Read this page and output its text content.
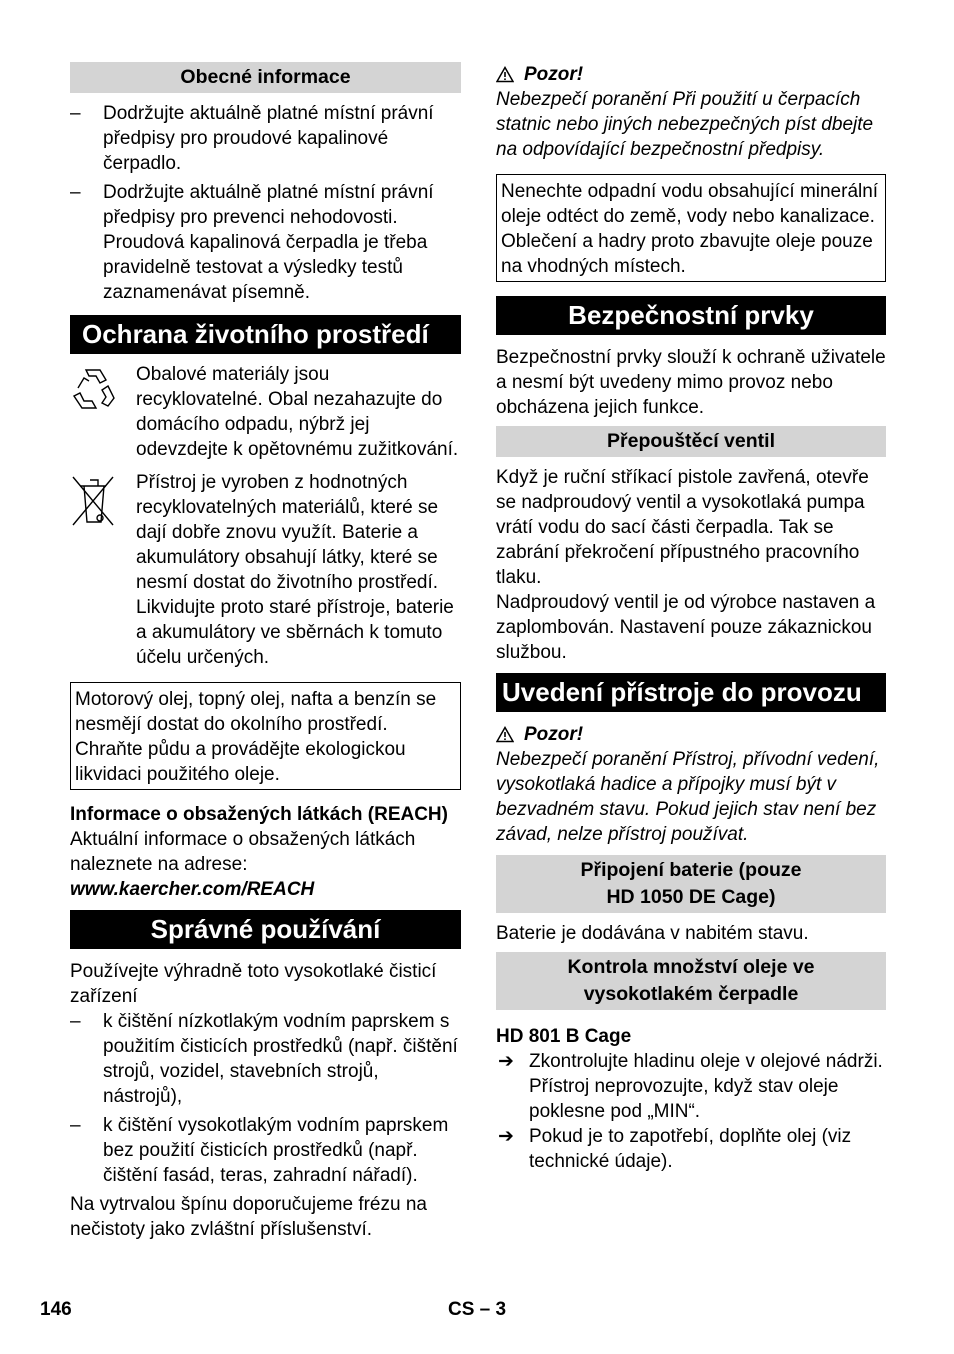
Obecné informace
– Dodržujte aktuálně platné místní právní předpisy pro proudové kapalinové čerpadlo.
– Dodržujte aktuálně platné místní právní předpisy pro prevenci nehodovosti. Proudová kapalinová čerpadla je třeba pravidelně testovat a výsledky testů zaznamenávat písemně.
Ochrana životního prostředí
Obalové materiály jsou recyklovatelné. Obal nezahazujte do domácího odpadu, nýbrž jej odevzdejte k opětovnému zužitkování.
Přístroj je vyroben z hodnotných recyklovatelných materiálů, které se dají dobře znovu využít. Baterie a akumulátory obsahují látky, které se nesmí dostat do životního prostředí. Likvidujte proto staré přístroje, baterie a akumulátory ve sběrnách k tomuto účelu určených.
Motorový olej, topný olej, nafta a benzín se nesmějí dostat do okolního prostředí. Chraňte půdu a provádějte ekologickou likvidaci použitého oleje.
Informace o obsažených látkách (REACH)
Aktuální informace o obsažených látkách naleznete na adrese:
www.kaercher.com/REACH
Správné používání
Používejte výhradně toto vysokotlaké čisticí zařízení
– k čištění nízkotlakým vodním paprskem s použitím čisticích prostředků (např. čištění strojů, vozidel, stavebních strojů, nástrojů),
– k čištění vysokotlakým vodním paprskem bez použití čisticích prostředků (např. čištění fasád, teras, zahradní nářadí).
Na vytrvalou špínu doporučujeme frézu na nečistoty jako zvláštní příslušenství.
Pozor!
Nebezpečí poranění Při použití u čerpacích statnic nebo jiných nebezpečných píst dbejte na odpovídající bezpečnostní předpisy.
Nenechte odpadní vodu obsahující minerální oleje odtéct do země, vody nebo kanalizace. Oblečení a hadry proto zbavujte oleje pouze na vhodných místech.
Bezpečnostní prvky
Bezpečnostní prvky slouží k ochraně uživatele a nesmí být uvedeny mimo provoz nebo obcházena jejich funkce.
Přepouštěcí ventil
Když je ruční stříkací pistole zavřená, otevře se nadproudový ventil a vysokotlaká pumpa vrátí vodu do sací části čerpadla. Tak se zabrání překročení přípustného pracovního tlaku.
Nadproudový ventil je od výrobce nastaven a zaplombován. Nastavení pouze zákaznickou službou.
Uvedení přístroje do provozu
Pozor!
Nebezpečí poranění Přístroj, přívodní vedení, vysokotlaká hadice a přípojky musí být v bezvadném stavu. Pokud jejich stav není bez závad, nelze přístroj používat.
Připojení baterie (pouze
HD 1050 DE Cage)
Baterie je dodávána v nabitém stavu.
Kontrola množství oleje ve
vysokotlakém čerpadle
HD 801 B Cage
➔ Zkontrolujte hladinu oleje v olejové nádrži.
Přístroj neprovozujte, když stav oleje poklesne pod „MIN“.
➔ Pokud je to zapotřebí, doplňte olej (viz technické údaje).
146	CS – 3
